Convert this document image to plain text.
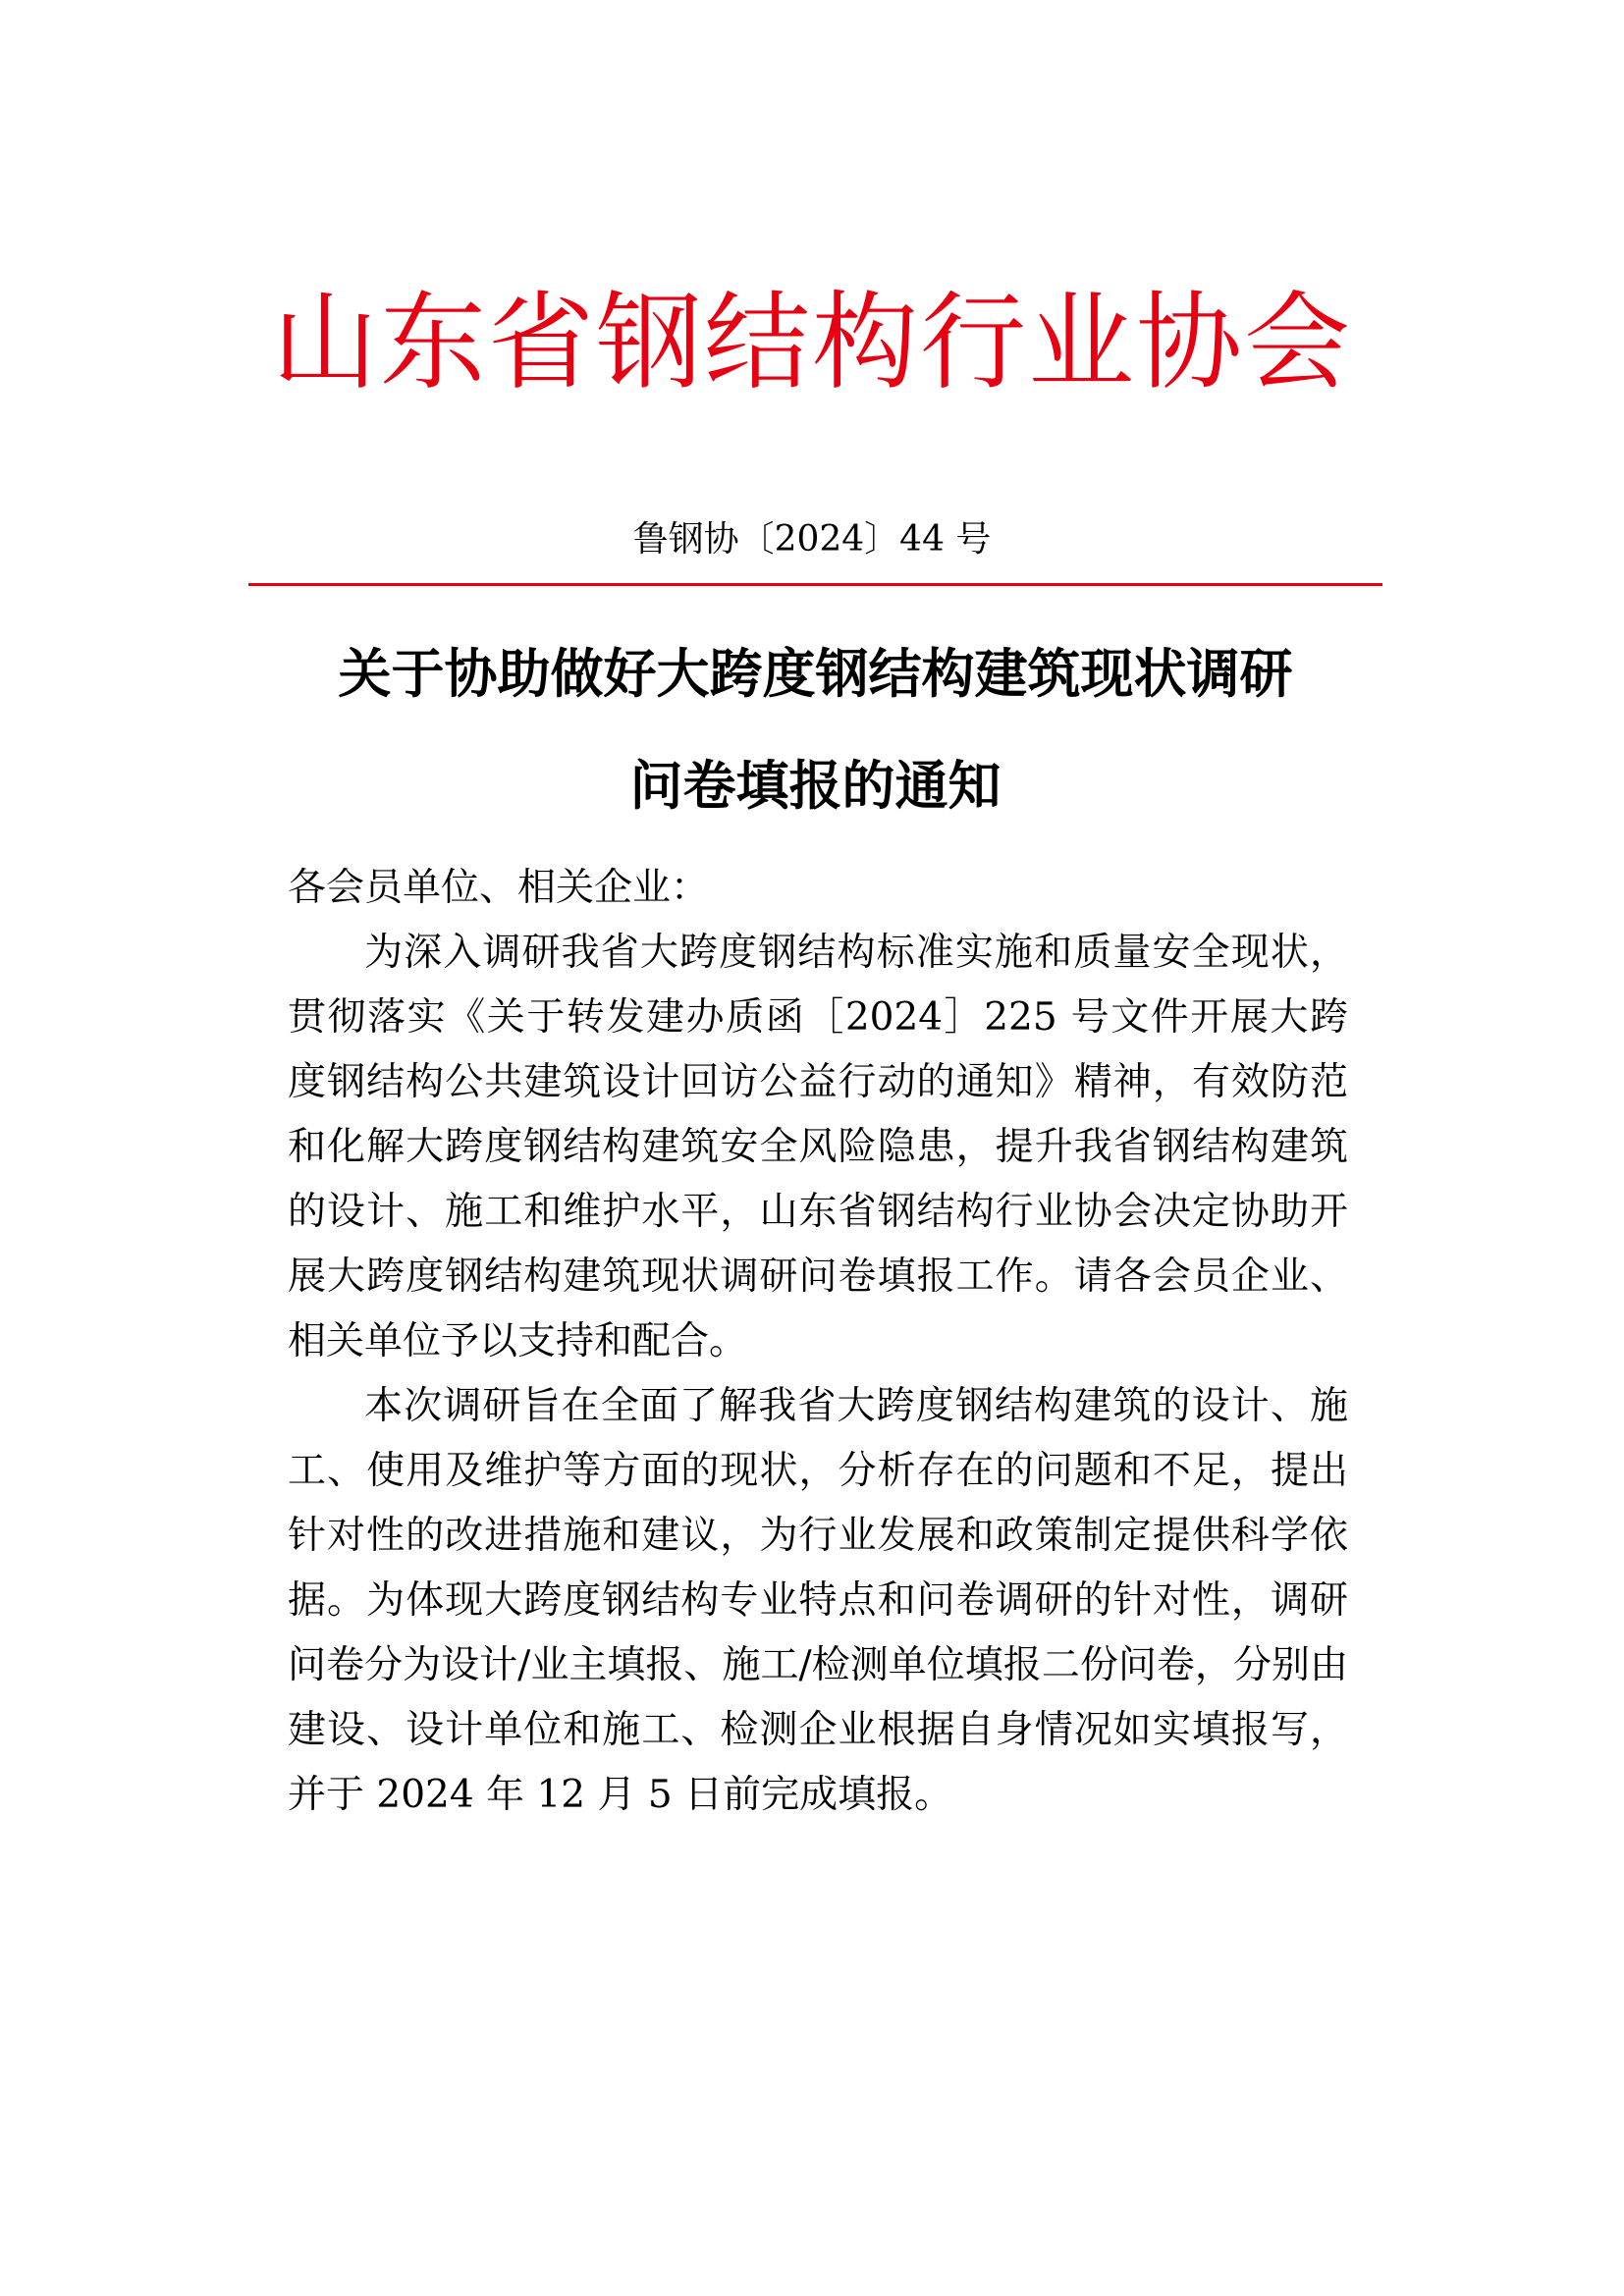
山东省钢结构行业协会
鲁钢协〔2024〕44 号
关于协助做好大跨度钢结构建筑现状调研
问卷填报的通知

各会员单位、相关企业：

为深入调研我省大跨度钢结构标准实施和质量安全现状，贯彻落实《关于转发建办质函［2024］225 号文件开展大跨度钢结构公共建筑设计回访公益行动的通知》精神，有效防范和化解大跨度钢结构建筑安全风险隐患，提升我省钢结构建筑的设计、施工和维护水平，山东省钢结构行业协会决定协助开展大跨度钢结构建筑现状调研问卷填报工作。请各会员企业、相关单位予以支持和配合。

本次调研旨在全面了解我省大跨度钢结构建筑的设计、施工、使用及维护等方面的现状，分析存在的问题和不足，提出针对性的改进措施和建议，为行业发展和政策制定提供科学依据。为体现大跨度钢结构专业特点和问卷调研的针对性，调研问卷分为设计/业主填报、施工/检测单位填报二份问卷，分别由建设、设计单位和施工、检测企业根据自身情况如实填报写，并于 2024 年 12 月 5 日前完成填报。
